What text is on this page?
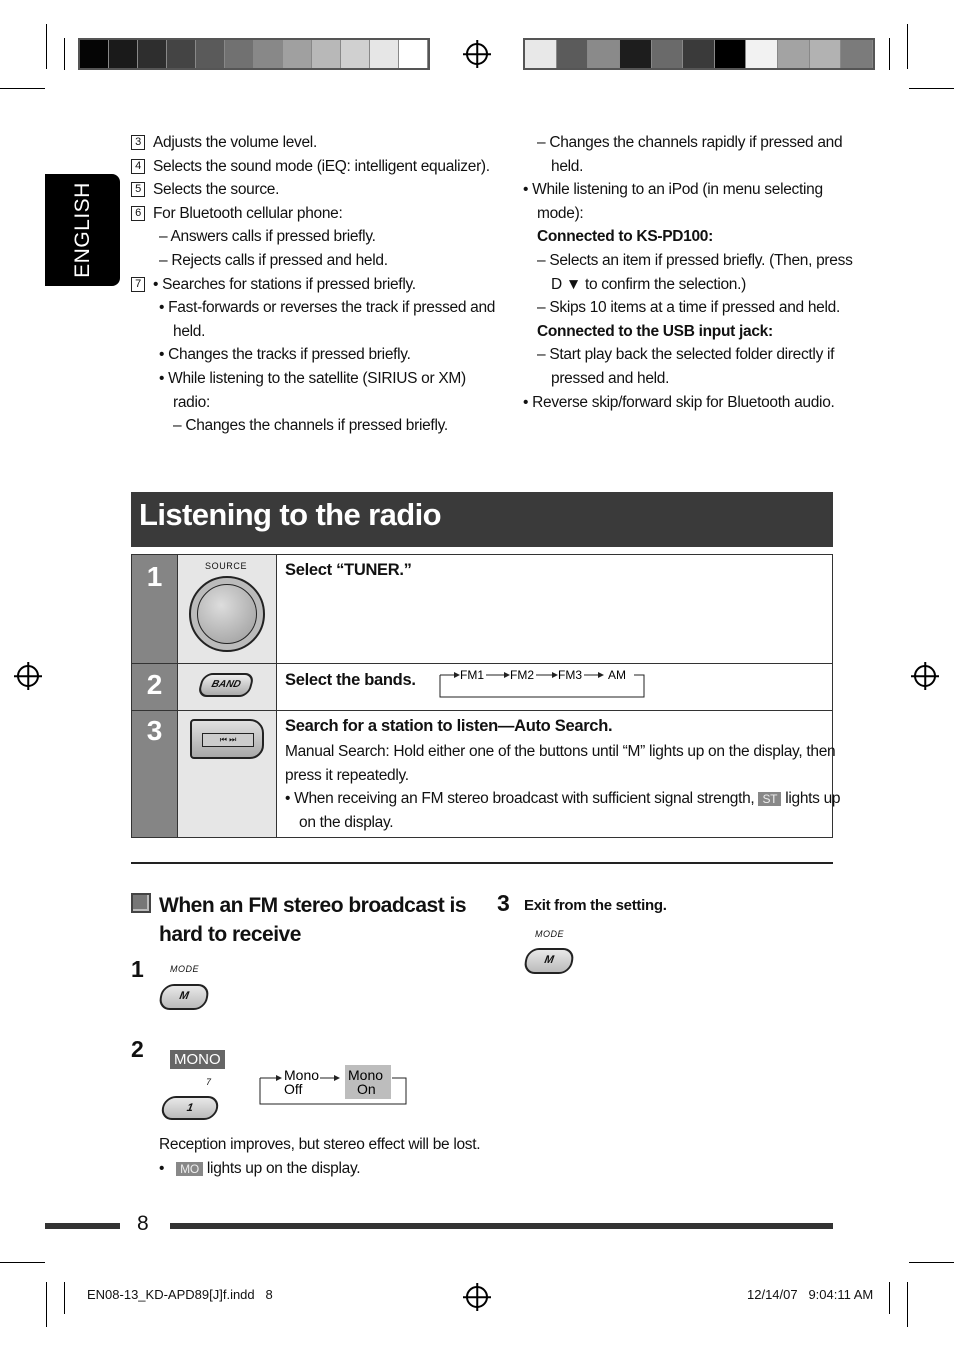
ENGLISH
3 Adjusts the volume level.
4 Selects the sound mode (iEQ: intelligent equalizer).
5 Selects the source.
6 For Bluetooth cellular phone:
– Answers calls if pressed briefly.
– Rejects calls if pressed and held.
7 • Searches for stations if pressed briefly.
• Fast-forwards or reverses the track if pressed and
held.
• Changes the tracks if pressed briefly.
• While listening to the satellite (SIRIUS or XM)
radio:
– Changes the channels if pressed briefly.
– Changes the channels rapidly if pressed and
held.
• While listening to an iPod (in menu selecting
mode):
Connected to KS-PD100:
– Selects an item if pressed briefly. (Then, press
D ▼ to confirm the selection.)
– Skips 10 items at a time if pressed and held.
Connected to the USB input jack:
– Start play back the selected folder directly if
pressed and held.
• Reverse skip/forward skip for Bluetooth audio.
Listening to the radio
1	SOURCE Select “TUNER.”
2	BAND	Select the bands.	FM1 FM2 FM3 AM
3	⏮ ⏭
Search for a station to listen—Auto Search.
Manual Search: Hold either one of the buttons until “M” lights up on the display, then
press it repeatedly.
• When receiving an FM stereo broadcast with sufficient signal strength, ST lights up
on the display.
When an FM stereo broadcast is
hard to receive
1	MODE
M
2 MONO
7
1
Mono
Off
Mono
On
Reception improves, but stereo effect will be lost.
•   MO lights up on the display.
3 Exit from the setting.
MODE
M
8
EN08-13_KD-APD89[J]f.indd   8	12/14/07   9:04:11 AM
